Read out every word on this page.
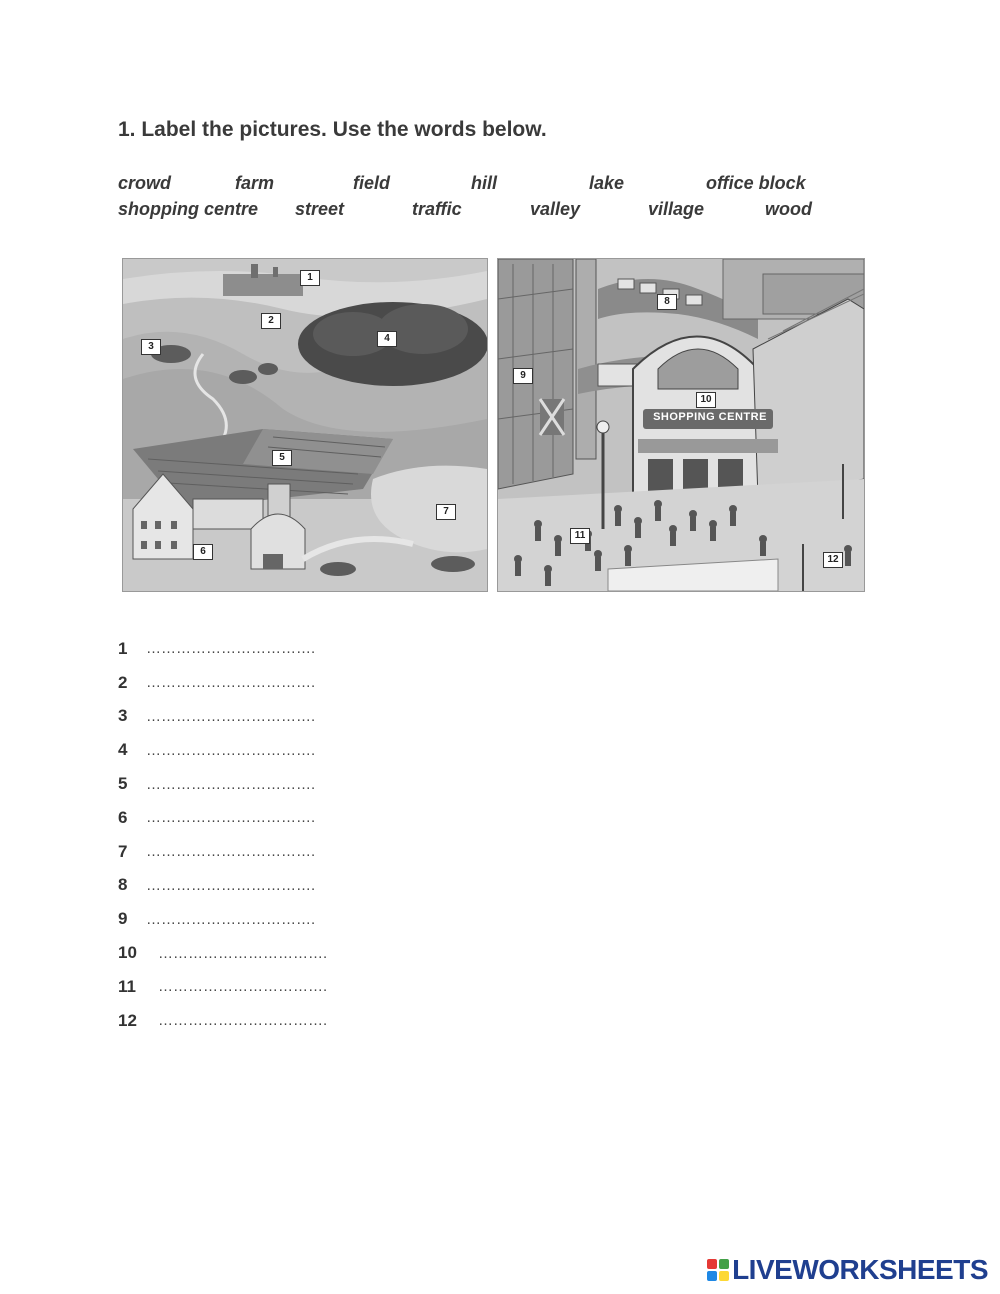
1. Label the pictures. Use the words below.
crowd	farm	field	hill	lake	office block
shopping centre street	traffic	valley	village	wood
1
2
3
4
5
6
7
SHOPPING CENTRE
8
9
10
11
12
1	…………………………….
2	…………………………….
3	…………………………….
4	…………………………….
5	…………………………….
6	…………………………….
7	…………………………….
8	…………………………….
9	…………………………….
10	…………………………….
11	…………………………….
12	…………………………….
LIVEWORKSHEETS
